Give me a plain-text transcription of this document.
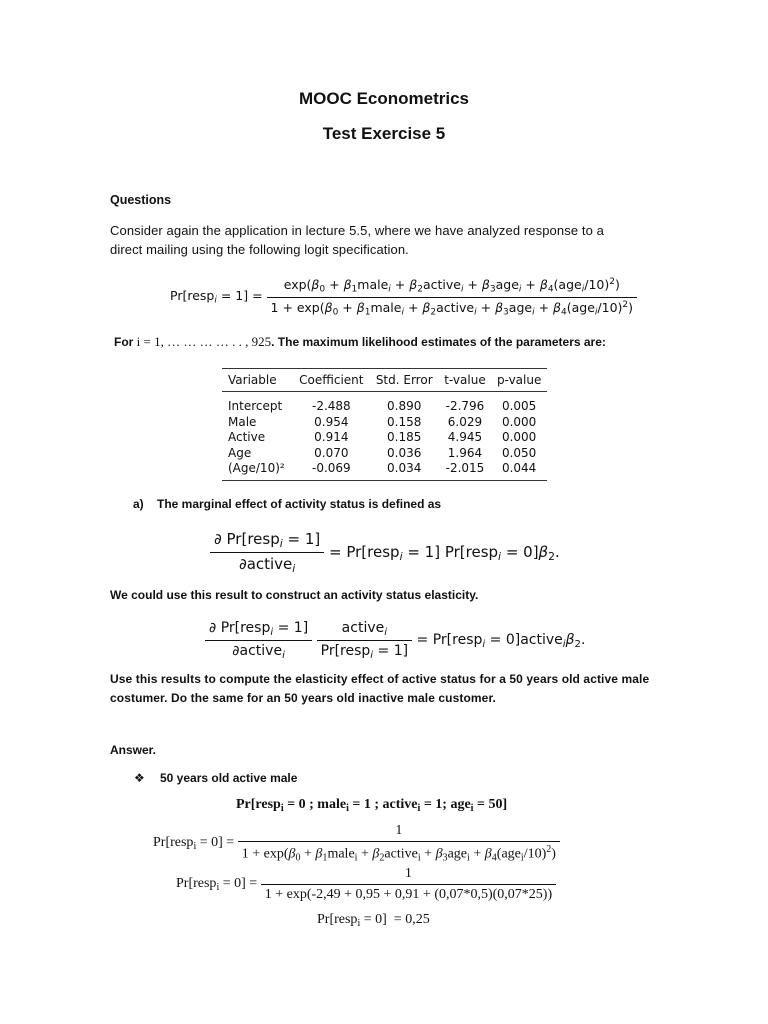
MOOC Econometrics
Test Exercise 5
Questions
Consider again the application in lecture 5.5, where we have analyzed response to a
direct mailing using the following logit specification.
Pr[resp$_i$ = $1] = \frac{\exp(\beta_0 + \beta_1male_i + \beta_2active_i + \beta_3age_i + \beta_4(age_i/10)^2)}{1 + \exp(\beta_0 + \beta_1male_i + \beta_2active_i + \beta_3age_i + \beta_4(age_i/10)^2)}$
For i = 1, … … … … . . , 925. The maximum likelihood estimates of the parameters are:
Variable	Coefficient	Std. Error	t-value	p-value
Intercept	-2.488	0.890	-2.796	0.005
Male	0.954	0.158	6.029	0.000
Active	0.914	0.185	4.945	0.000
Age	0.070	0.036	1.964	0.050
(Age/10)²	-0.069	0.034	-2.015	0.044
a) The marginal effect of activity status is defined as
$\frac{\partial Pr[resp_i = 1]}{\partial active_i}$ = Pr[resp$_i$ = 1] Pr[resp$_i$ = $0]\beta_2$.
We could use this result to construct an activity status elasticity.
$\frac{\partial Pr[resp_i = 1]}{\partial active_i}$
$\frac{active_i}{Pr[resp_i = 1]}$ = Pr[resp$_i$ = $0]active_i\beta_2$.
Use this results to compute the elasticity effect of active status for a 50 years old active male
costumer. Do the same for an 50 years old inactive male customer.
Answer.
❖ 50 years old active male
Pr[resp$_i$ = 0 ; male$_i$ = 1 ; active$_i$ = 1; age$_i$ = 50]
Pr[resp$_i$ = $0] = \frac{1}{1 + \exp(\beta_0 + \beta_1male_i + \beta_2active_i + \beta_3age_i + \beta_4(age_i/10)^2)}$
Pr[resp$_i$ = $0] = \frac{1}{1 + \exp(-2,49 + 0,95 + 0,91 + (0,07*0,5)(0,07*25))}$
Pr[resp$_i$ = 0]  = 0,25
